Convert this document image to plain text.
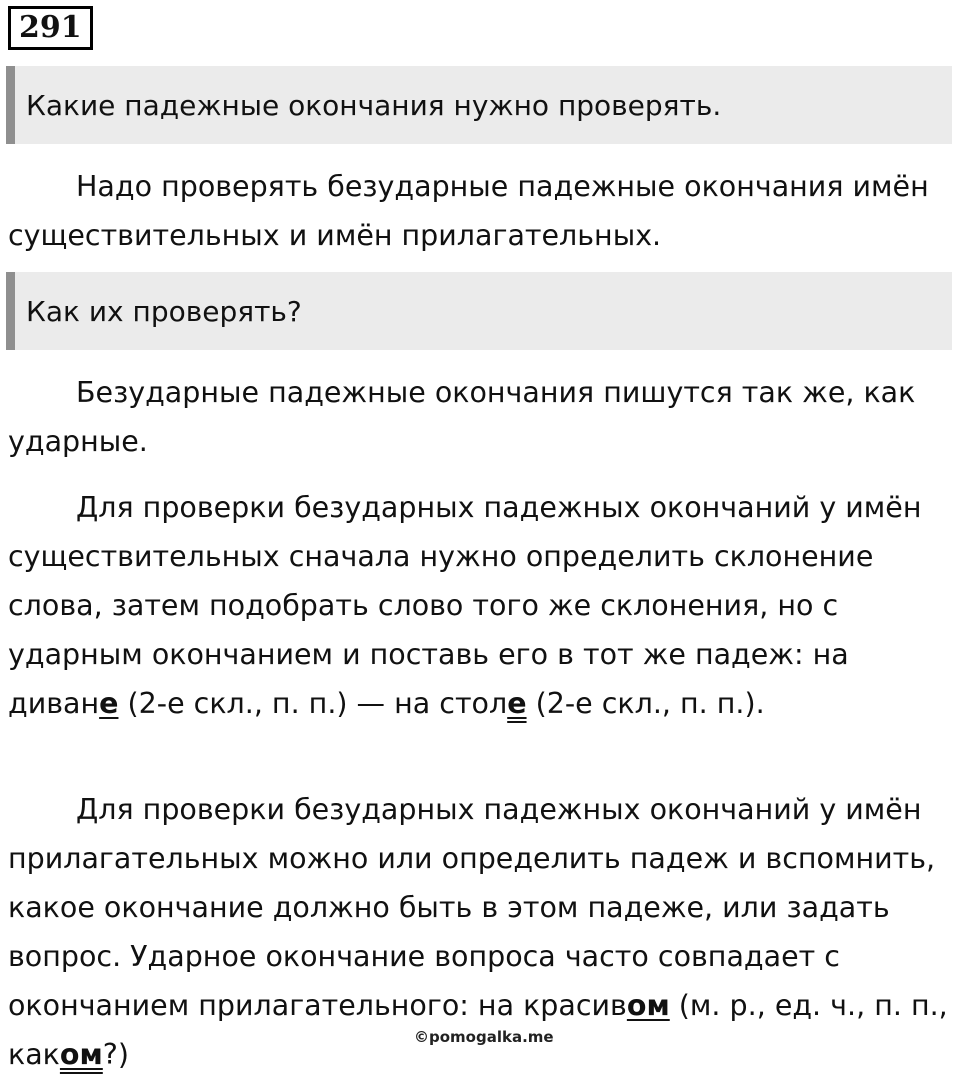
291
Какие падежные окончания нужно проверять.

Надо проверять безударные падежные окончания имён существительных и имён прилагательных.

Как их проверять?

Безударные падежные окончания пишутся так же, как ударные.

Для проверки безударных падежных окончаний у имён существительных сначала нужно определить склонение слова, затем подобрать слово того же склонения, но с ударным окончанием и поставь его в тот же падеж: на диване (2-е скл., п. п.) — на столе (2-е скл., п. п.).

Для проверки безударных падежных окончаний у имён прилагательных можно или определить падеж и вспомнить, какое окончание должно быть в этом падеже, или задать вопрос. Ударное окончание вопроса часто совпадает с окончанием прилагательного: на красивом (м. р., ед. ч., п. п., каком?)

©pomogalka.me
